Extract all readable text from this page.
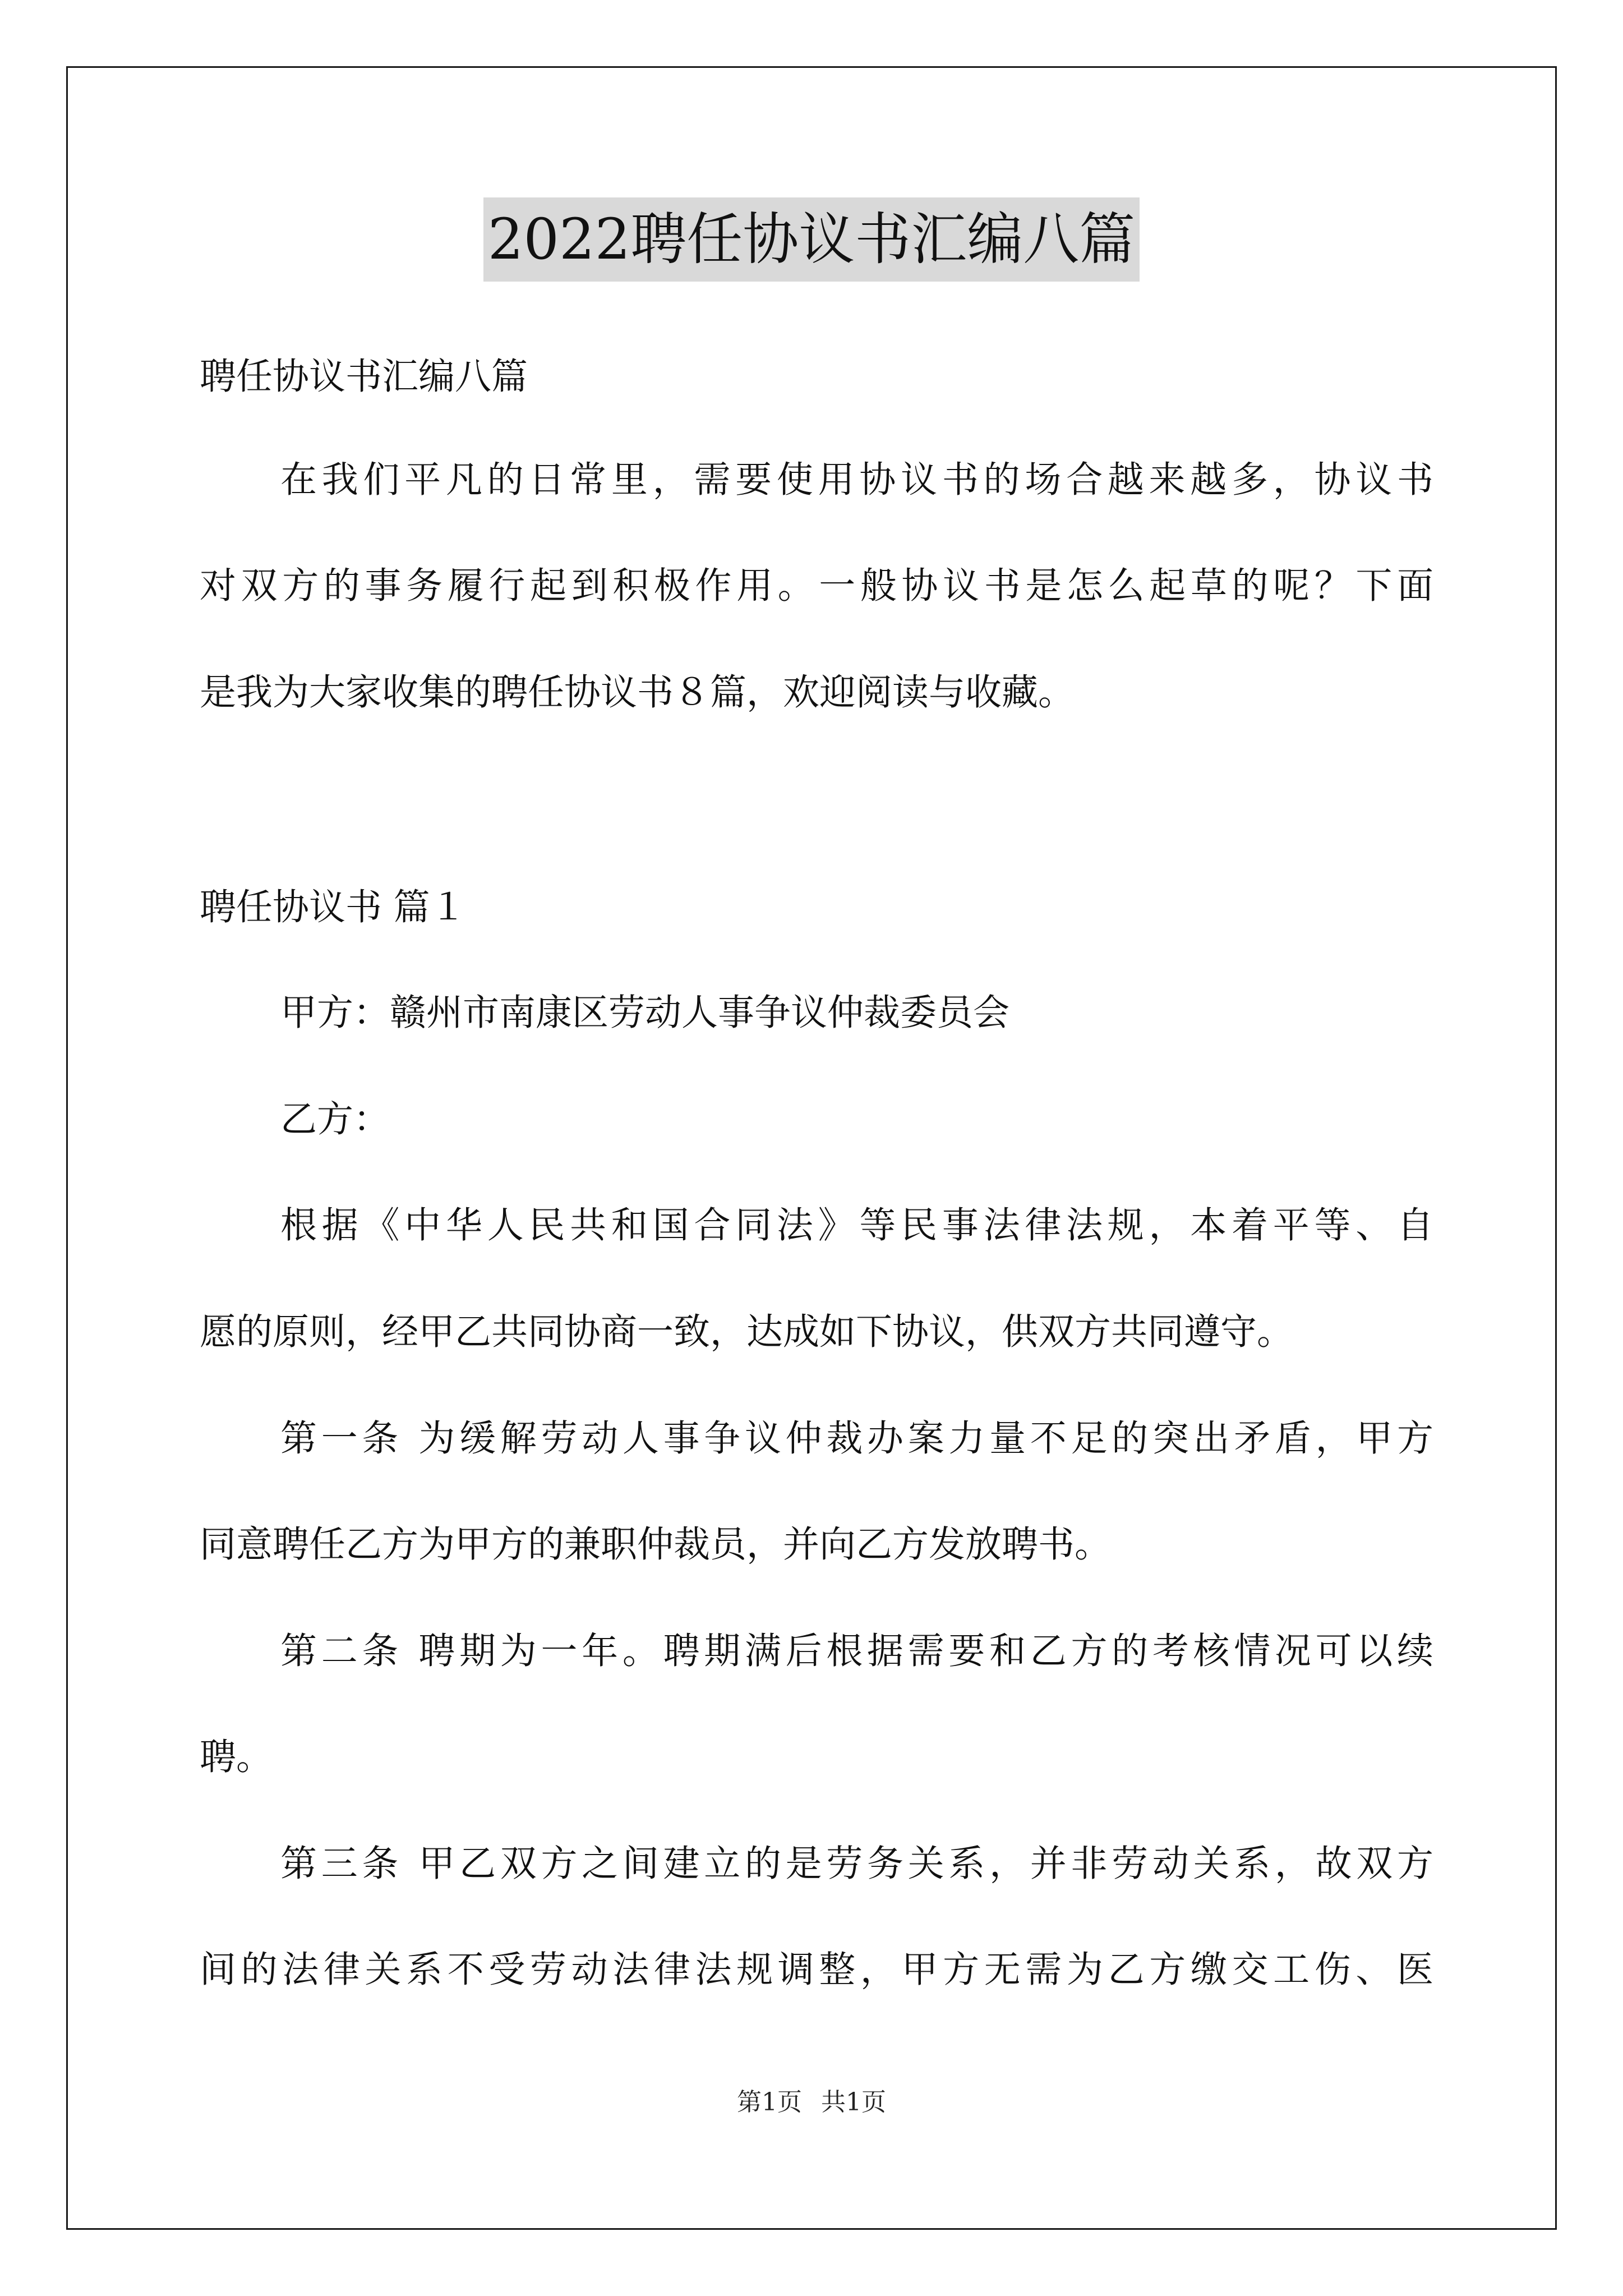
2022聘任协议书汇编八篇
聘任协议书汇编八篇
在我们平凡的日常里，需要使用协议书的场合越来越多，协议书
对双方的事务履行起到积极作用。一般协议书是怎么起草的呢？下面
是我为大家收集的聘任协议书８篇，欢迎阅读与收藏。
聘任协议书 篇１
甲方：赣州市南康区劳动人事争议仲裁委员会
乙方：
根据《中华人民共和国合同法》等民事法律法规，本着平等、自
愿的原则，经甲乙共同协商一致，达成如下协议，供双方共同遵守。
第一条 为缓解劳动人事争议仲裁办案力量不足的突出矛盾，甲方
同意聘任乙方为甲方的兼职仲裁员，并向乙方发放聘书。
第二条 聘期为一年。聘期满后根据需要和乙方的考核情况可以续
聘。
第三条 甲乙双方之间建立的是劳务关系，并非劳动关系，故双方
间的法律关系不受劳动法律法规调整，甲方无需为乙方缴交工伤、医
第1页 共1页
